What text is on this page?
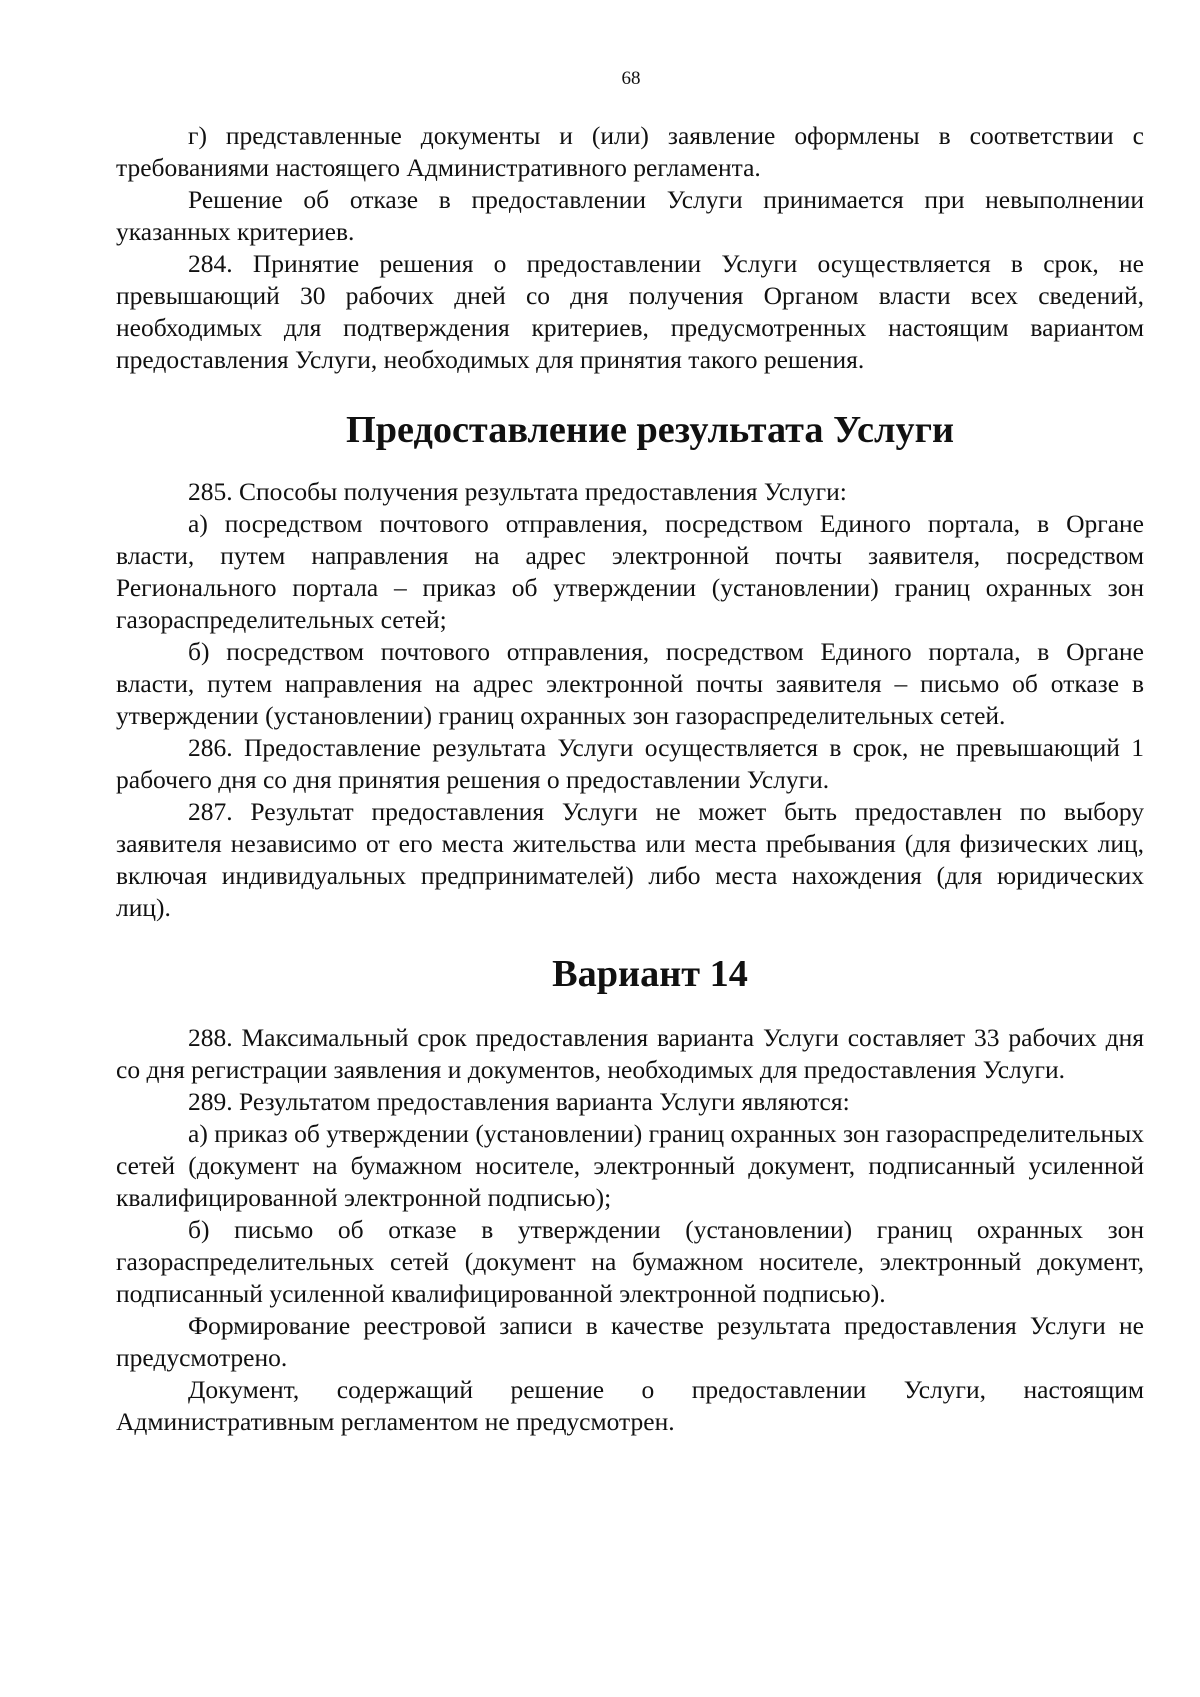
68

г) представленные документы и (или) заявление оформлены в соответствии с требованиями настоящего Административного регламента.

Решение об отказе в предоставлении Услуги принимается при невыполнении указанных критериев.

284. Принятие решения о предоставлении Услуги осуществляется в срок, не превышающий 30 рабочих дней со дня получения Органом власти всех сведений, необходимых для подтверждения критериев, предусмотренных настоящим вариантом предоставления Услуги, необходимых для принятия такого решения.

Предоставление результата Услуги

285. Способы получения результата предоставления Услуги:

а) посредством почтового отправления, посредством Единого портала, в Органе власти, путем направления на адрес электронной почты заявителя, посредством Регионального портала – приказ об утверждении (установлении) границ охранных зон газораспределительных сетей;

б) посредством почтового отправления, посредством Единого портала, в Органе власти, путем направления на адрес электронной почты заявителя – письмо об отказе в утверждении (установлении) границ охранных зон газораспределительных сетей.

286. Предоставление результата Услуги осуществляется в срок, не превышающий 1 рабочего дня со дня принятия решения о предоставлении Услуги.

287. Результат предоставления Услуги не может быть предоставлен по выбору заявителя независимо от его места жительства или места пребывания (для физических лиц, включая индивидуальных предпринимателей) либо места нахождения (для юридических лиц).

Вариант 14

288. Максимальный срок предоставления варианта Услуги составляет 33 рабочих дня со дня регистрации заявления и документов, необходимых для предоставления Услуги.

289. Результатом предоставления варианта Услуги являются:

а) приказ об утверждении (установлении) границ охранных зон газораспределительных сетей (документ на бумажном носителе, электронный документ, подписанный усиленной квалифицированной электронной подписью);

б) письмо об отказе в утверждении (установлении) границ охранных зон газораспределительных сетей (документ на бумажном носителе, электронный документ, подписанный усиленной квалифицированной электронной подписью).

Формирование реестровой записи в качестве результата предоставления Услуги не предусмотрено.

Документ, содержащий решение о предоставлении Услуги, настоящим Административным регламентом не предусмотрен.
